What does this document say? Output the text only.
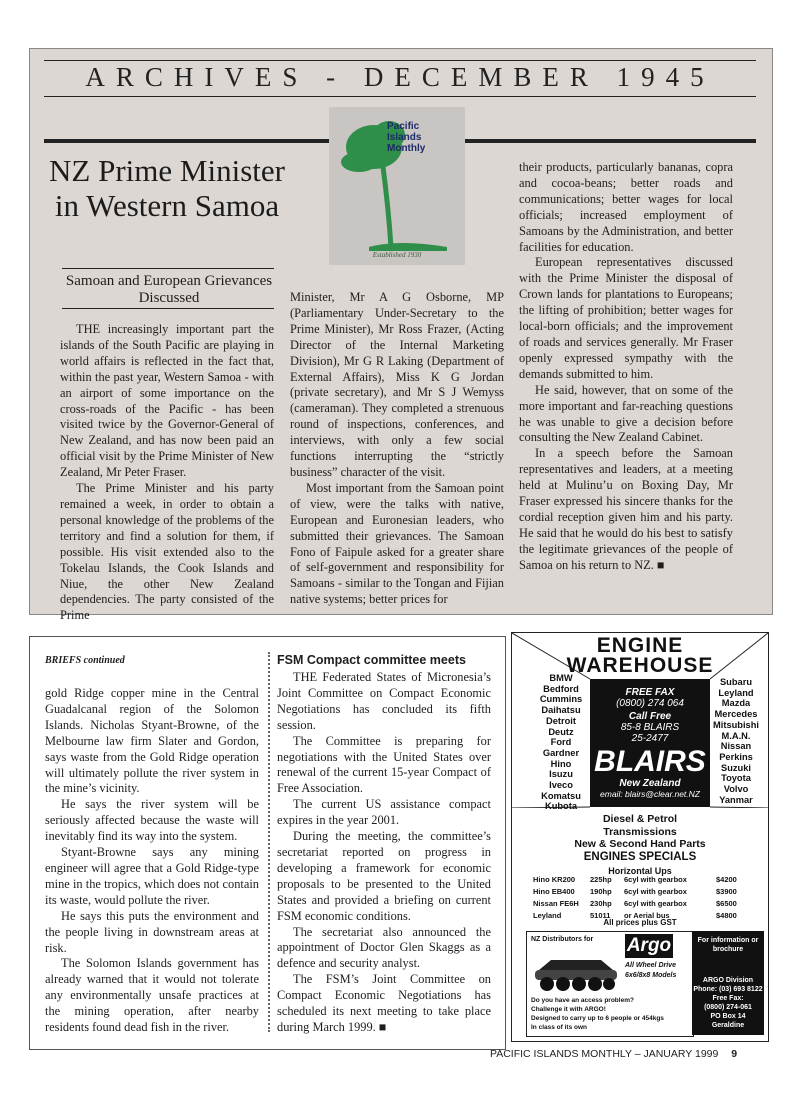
ARCHIVES - DECEMBER 1945
Pacific Islands Monthly
Established 1930
NZ Prime Minister in Western Samoa
Samoan and European Grievances Discussed

THE increasingly important part the islands of the South Pacific are playing in world affairs is reflected in the fact that, within the past year, Western Samoa - with an airport of some importance on the cross-roads of the Pacific - has been visited twice by the Governor-General of New Zealand, and has now been paid an official visit by the Prime Minister of New Zealand, Mr Peter Fraser.

The Prime Minister and his party remained a week, in order to obtain a personal knowledge of the problems of the territory and find a solution for them, if possible. His visit extended also to the Tokelau Islands, the Cook Islands and Niue, the other New Zealand dependencies. The party consisted of the Prime

Minister, Mr A G Osborne, MP (Parliamentary Under-Secretary to the Prime Minister), Mr Ross Frazer, (Acting Director of the Internal Marketing Division), Mr G R Laking (Department of External Affairs), Miss K G Jordan (private secretary), and Mr S J Wemyss (cameraman). They completed a strenuous round of inspections, conferences, and interviews, with only a few social functions interrupting the “strictly business” character of the visit.

Most important from the Samoan point of view, were the talks with native, European and Euronesian leaders, who submitted their grievances. The Samoan Fono of Faipule asked for a greater share of self-government and responsibility for Samoans - similar to the Tongan and Fijian native systems; better prices for

their products, particularly bananas, copra and cocoa-beans; better roads and communications; better wages for local officials; increased employment of Samoans by the Administration, and better facilities for education.

European representatives discussed with the Prime Minister the disposal of Crown lands for plantations to Europeans; the lifting of prohibition; better wages for local-born officials; and the improvement of roads and services generally. Mr Fraser openly expressed sympathy with the demands submitted to him.

He said, however, that on some of the more important and far-reaching questions he was unable to give a decision before consulting the New Zealand Cabinet.

In a speech before the Samoan representatives and leaders, at a meeting held at Mulinu’u on Boxing Day, Mr Fraser expressed his sincere thanks for the cordial reception given him and his party. He said that he would do his best to satisfy the legitimate grievances of the people of Samoa on his return to NZ. ■

BRIEFS continued

gold Ridge copper mine in the Central Guadalcanal region of the Solomon Islands. Nicholas Styant-Browne, of the Melbourne law firm Slater and Gordon, says waste from the Gold Ridge operation will ultimately pollute the river system in the mine’s vicinity.

He says the river system will be seriously affected because the waste will inevitably find its way into the system.

Styant-Browne says any mining engineer will agree that a Gold Ridge-type mine in the tropics, which does not contain its waste, would pollute the river.

He says this puts the environment and the people living in downstream areas at risk.

The Solomon Islands government has already warned that it would not tolerate any environmentally unsafe practices at the mining operation, after nearby residents found dead fish in the river.

FSM Compact committee meets

THE Federated States of Micronesia’s Joint Committee on Compact Economic Negotiations has concluded its fifth session.

The Committee is preparing for negotiations with the United States over renewal of the current 15-year Compact of Free Association.

The current US assistance compact expires in the year 2001.

During the meeting, the committee’s secretariat reported on progress in developing a framework for economic proposals to be presented to the United States and provided a briefing on current FSM economic conditions.

The secretariat also announced the appointment of Doctor Glen Skaggs as a defence and security analyst.

The FSM’s Joint Committee on Compact Economic Negotiations has scheduled its next meeting to take place during March 1999. ■

ENGINE
WAREHOUSE
BMW
Bedford
Cummins
Daihatsu
Detroit
Deutz
Ford
Gardner
Hino
Isuzu
Iveco
Komatsu
Kubota
Subaru
Leyland
Mazda
Mercedes
Mitsubishi
M.A.N.
Nissan
Perkins
Suzuki
Toyota
Volvo
Yanmar
FREE FAX
(0800) 274 064
Call Free
85-8 BLAIRS
25-2477
BLAIRS
New Zealand
email: blairs@clear.net.NZ
Diesel & Petrol
Transmissions
New & Second Hand Parts
ENGINES SPECIALS
Horizontal Ups
Hino KR200	225hp	6cyl with gearbox	$4200
Hino EB400	190hp	6cyl with gearbox	$3900
Nissan FE6H	230hp	6cyl with gearbox	$6500
Leyland	51011	or Aerial bus	$4800
All prices plus GST
NZ Distributors for Argo
All Wheel Drive
6x6/8x8 Models
Do you have an access problem?
Challenge it with ARGO!
Designed to carry up to 6 people or 454kgs
In class of its own
For information or brochure
ARGO Division
Phone: (03) 693 8122
Free Fax:
(0800) 274-061
PO Box 14
Geraldine
PACIFIC ISLANDS MONTHLY – JANUARY 1999 9
